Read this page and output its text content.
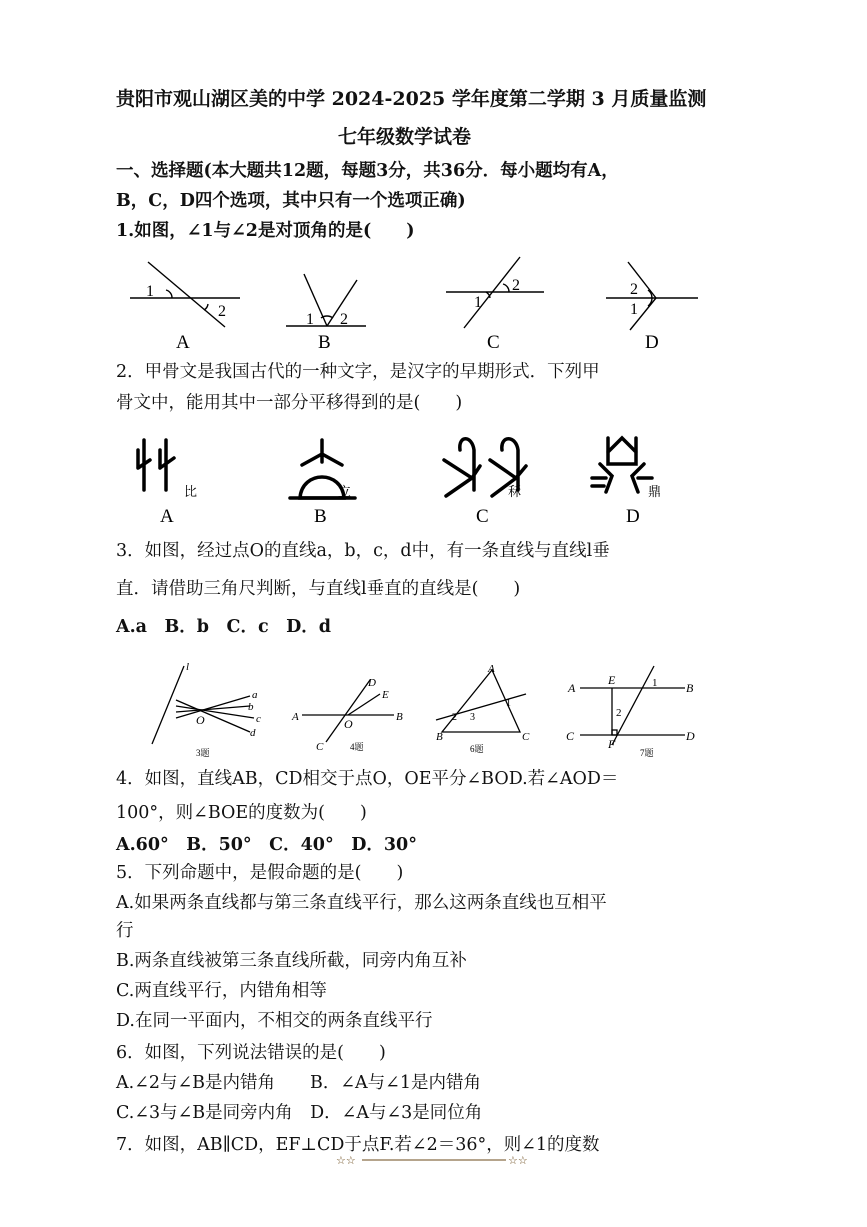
贵阳市观山湖区美的中学 2024-2025 学年度第二学期 3 月质量监测
七年级数学试卷
一、选择题(本大题共12题，每题3分，共36分．每小题均有A，
B，C，D四个选项，其中只有一个选项正确)
1.如图，∠1与∠2是对顶角的是(　　)
1
2	1 2
2
1
2
1
A	B	C	D
2．甲骨文是我国古代的一种文字，是汉字的早期形式．下列甲
骨文中，能用其中一部分平移得到的是(　　)
比	立	秝	鼎
A	B	C	D
3．如图，经过点O的直线a，b，c，d中，有一条直线与直线l垂
直．请借助三角尺判断，与直线l垂直的直线是(　　)
A.a　B．b　C．c　D．d
l
a
b
c
d
O
3题
A	B
C
D
E
O
4题
A
B	C
1
2 3
6题
A	B
C	D
E
F
1
2
7题
4．如图，直线AB，CD相交于点O，OE平分∠BOD.若∠AOD＝
100°，则∠BOE的度数为(　　)
A.60°　B．50°　C．40°　D．30°
5．下列命题中，是假命题的是(　　)
A.如果两条直线都与第三条直线平行，那么这两条直线也互相平
行
B.两条直线被第三条直线所截，同旁内角互补
C.两直线平行，内错角相等
D.在同一平面内，不相交的两条直线平行
6．如图，下列说法错误的是(　　)
A.∠2与∠B是内错角　　B．∠A与∠1是内错角
C.∠3与∠B是同旁内角　D．∠A与∠3是同位角
7．如图，AB∥CD，EF⊥CD于点F.若∠2＝36°，则∠1的度数
☆☆	☆☆
